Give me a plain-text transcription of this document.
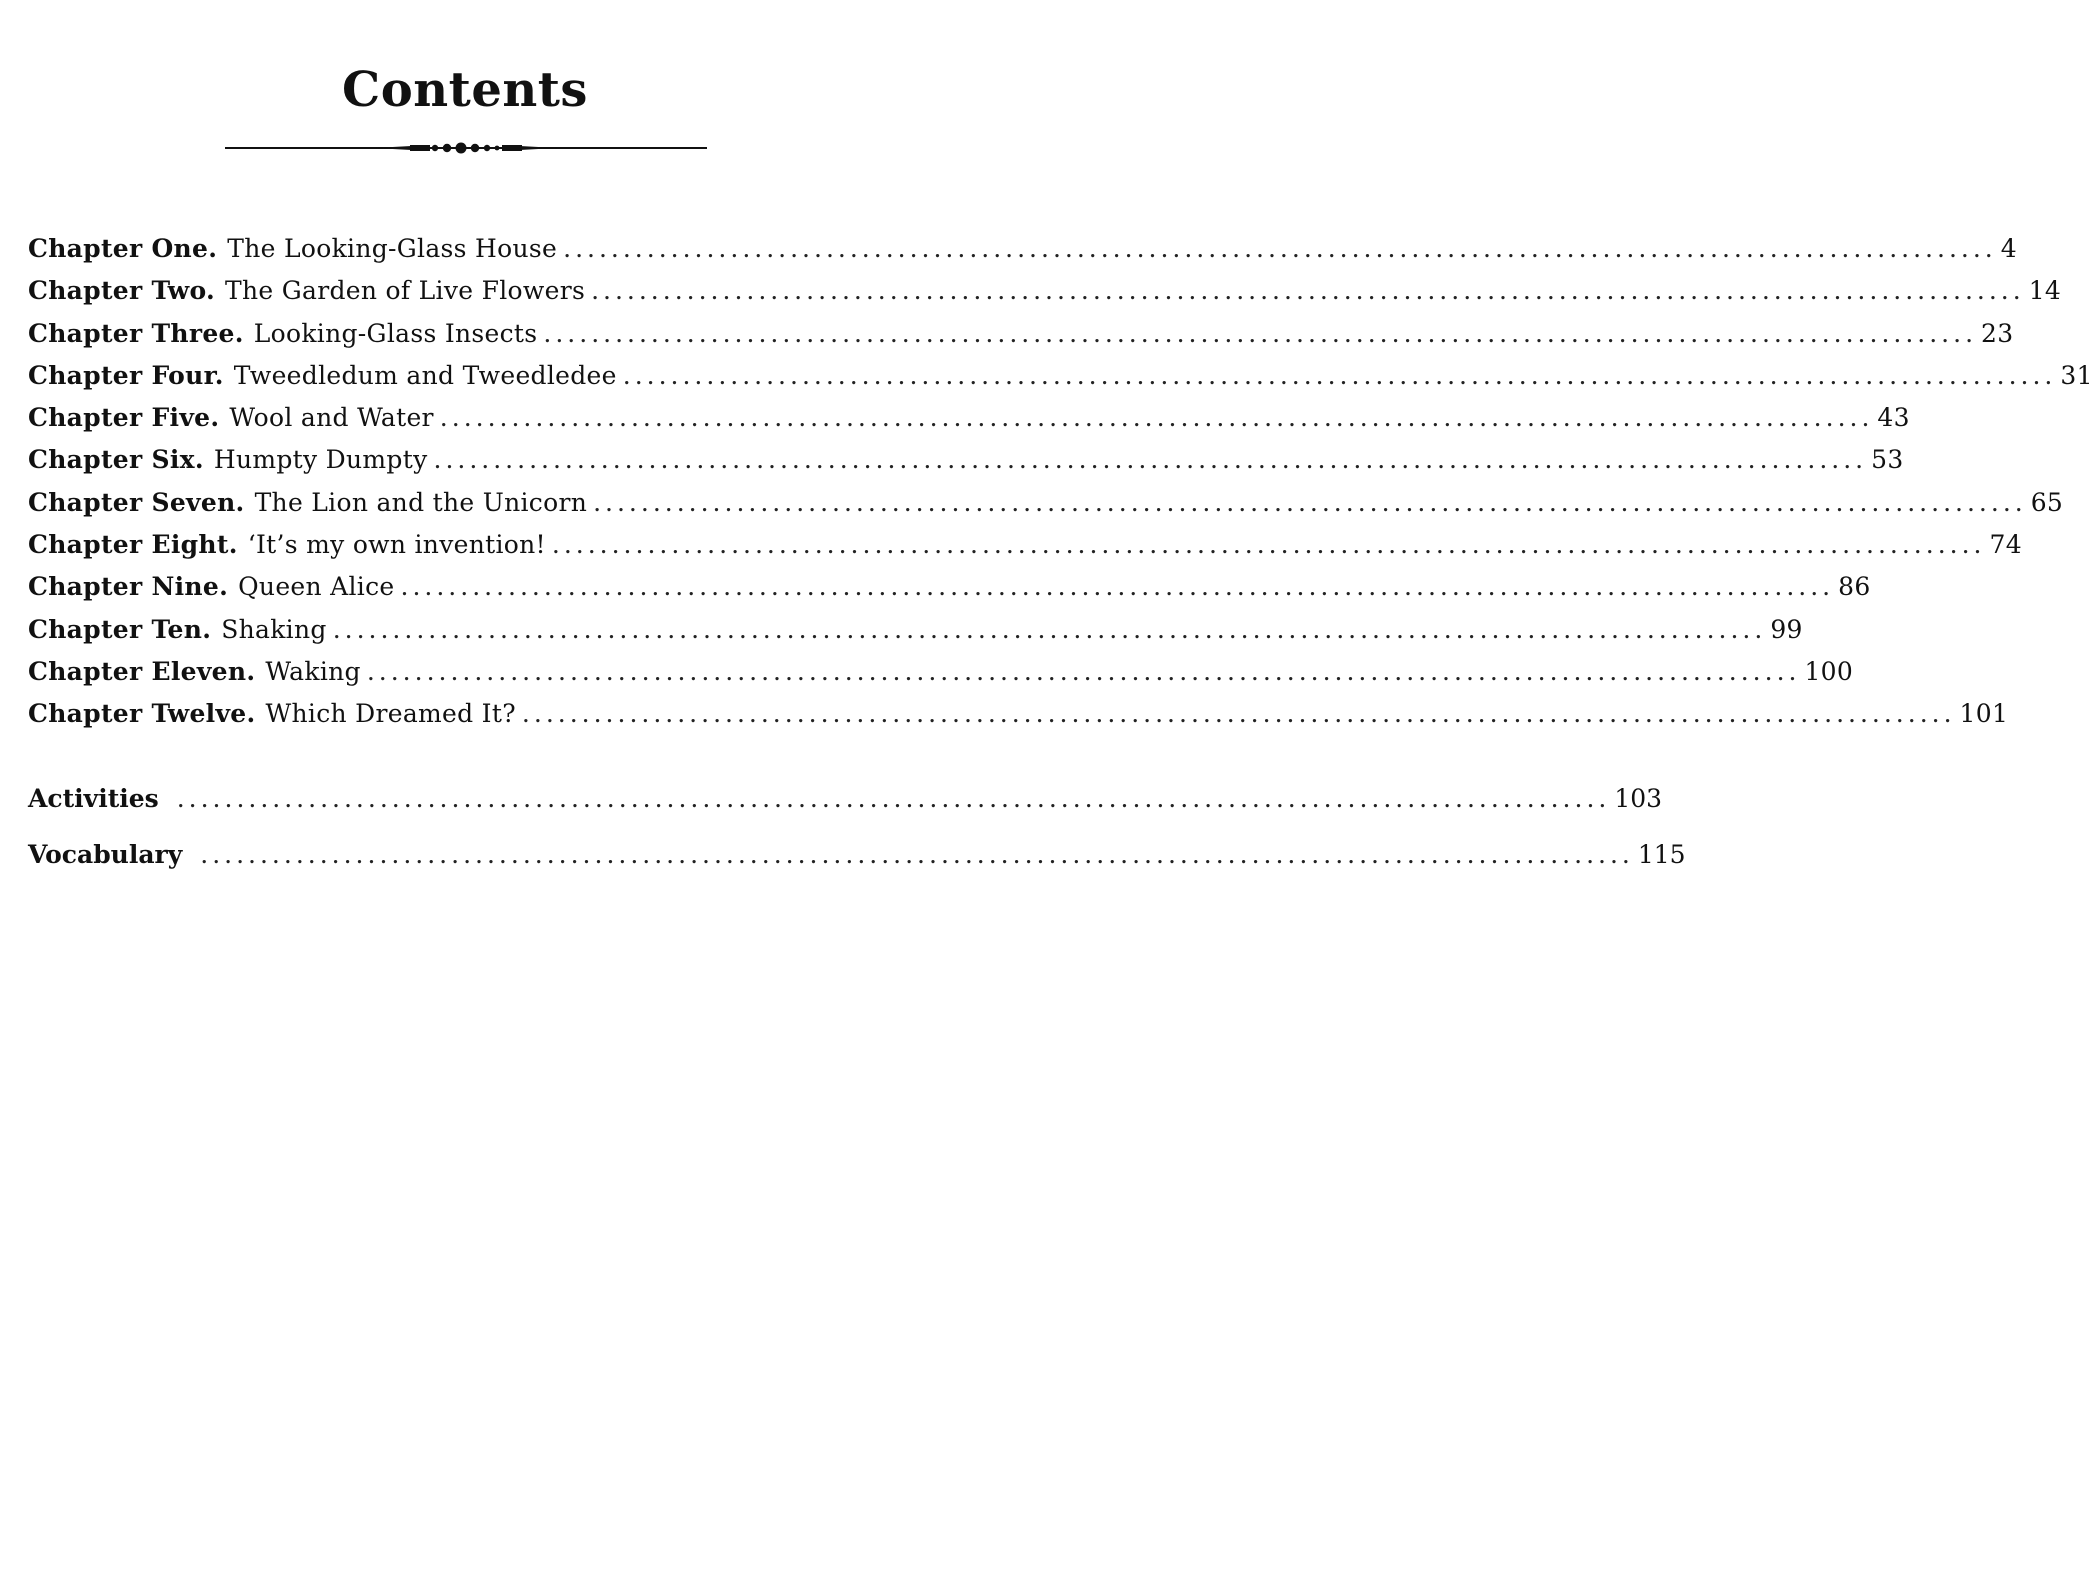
Contents
Chapter One. The Looking-Glass House ........................................................................................................................ 4
Chapter Two. The Garden of Live Flowers ........................................................................................................................ 14
Chapter Three. Looking-Glass Insects ........................................................................................................................ 23
Chapter Four. Tweedledum and Tweedledee ........................................................................................................................ 31
Chapter Five. Wool and Water ........................................................................................................................ 43
Chapter Six. Humpty Dumpty ........................................................................................................................ 53
Chapter Seven. The Lion and the Unicorn ........................................................................................................................ 65
Chapter Eight. ‘It’s my own invention! ........................................................................................................................ 74
Chapter Nine. Queen Alice ........................................................................................................................ 86
Chapter Ten. Shaking ........................................................................................................................ 99
Chapter Eleven. Waking ........................................................................................................................ 100
Chapter Twelve. Which Dreamed It? ........................................................................................................................ 101
Activities ........................................................................................................................ 103
Vocabulary ........................................................................................................................ 115
